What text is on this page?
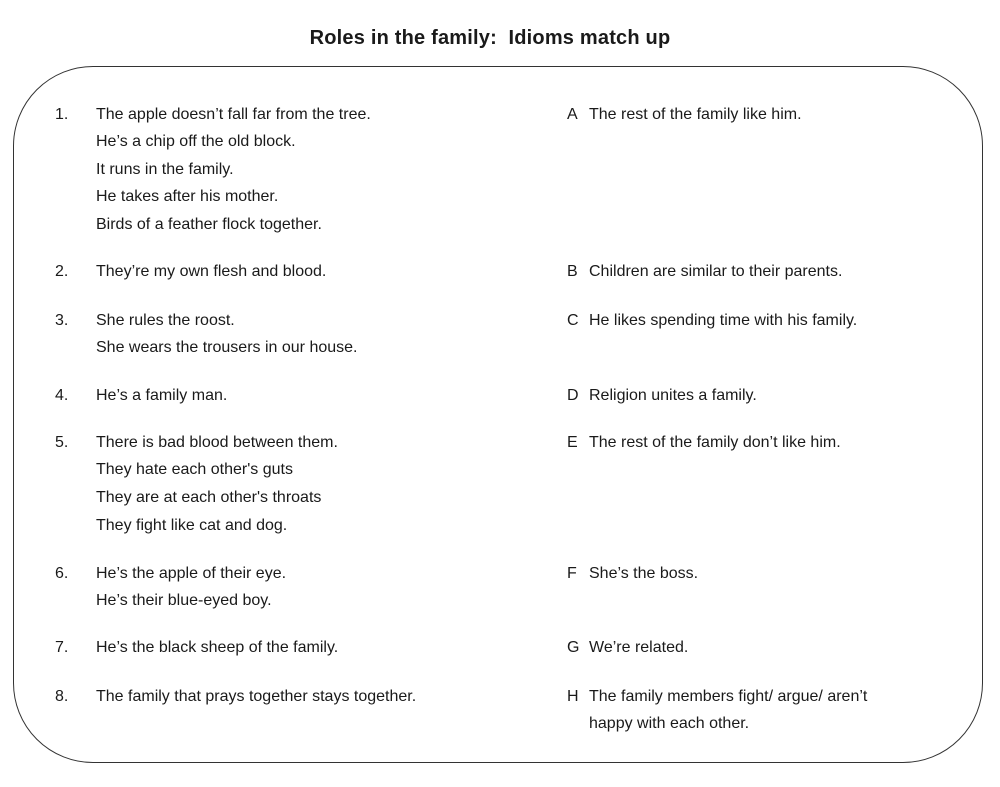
Roles in the family:  Idioms match up
1. The apple doesn’t fall far from the tree.
He’s a chip off the old block.
It runs in the family.
He takes after his mother.
Birds of a feather flock together.
2. They’re my own flesh and blood.
3. She rules the roost.
She wears the trousers in our house.
4. He’s a family man.
5. There is bad blood between them.
They hate each other's guts
They are at each other's throats
They fight like cat and dog.
6. He’s the apple of their eye.
He’s their blue-eyed boy.
7. He’s the black sheep of the family.
8. The family that prays together stays together.
A The rest of the family like him.
B Children are similar to their parents.
C He likes spending time with his family.
D Religion unites a family.
E The rest of the family don’t like him.
F She’s the boss.
G We’re related.
H The family members fight/ argue/ aren’t
happy with each other.
